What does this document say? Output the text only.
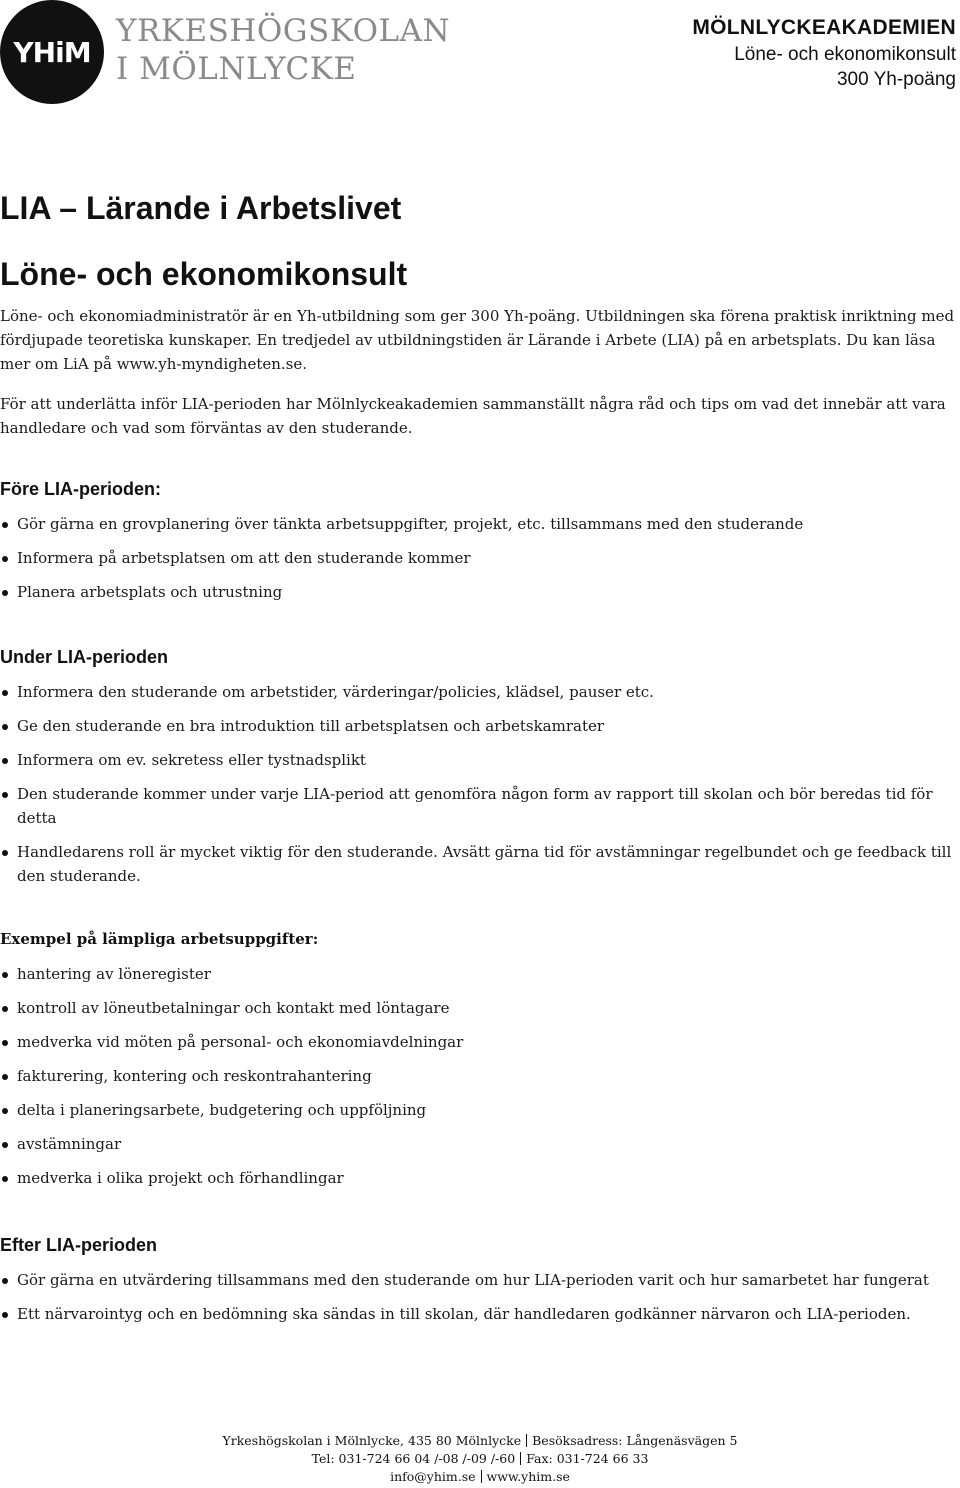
YHiM
YRKESHÖGSKOLAN
I MÖLNLYCKE
MÖLNLYCKEAKADEMIEN
Löne- och ekonomikonsult
300 Yh-poäng
LIA – Lärande i Arbetslivet
Löne- och ekonomikonsult

Löne- och ekonomiadministratör är en Yh-utbildning som ger 300 Yh-poäng. Utbildningen ska förena praktisk inriktning med fördjupade teoretiska kunskaper. En tredjedel av utbildningstiden är Lärande i Arbete (LIA) på en arbetsplats. Du kan läsa mer om LiA på www.yh-myndigheten.se.

För att underlätta inför LIA-perioden har Mölnlyckeakademien sammanställt några råd och tips om vad det innebär att vara handledare och vad som förväntas av den studerande.

Före LIA-perioden:
Gör gärna en grovplanering över tänkta arbetsuppgifter, projekt, etc. tillsammans med den studerande
Informera på arbetsplatsen om att den studerande kommer
Planera arbetsplats och utrustning
Under LIA-perioden
Informera den studerande om arbetstider, värderingar/policies, klädsel, pauser etc.
Ge den studerande en bra introduktion till arbetsplatsen och arbetskamrater
Informera om ev. sekretess eller tystnadsplikt
Den studerande kommer under varje LIA-period att genomföra någon form av rapport till skolan och bör beredas tid för detta
Handledarens roll är mycket viktig för den studerande. Avsätt gärna tid för avstämningar regelbundet och ge feedback till den studerande.
Exempel på lämpliga arbetsuppgifter:
hantering av löneregister
kontroll av löneutbetalningar och kontakt med löntagare
medverka vid möten på personal- och ekonomiavdelningar
fakturering, kontering och reskontrahantering
delta i planeringsarbete, budgetering och uppföljning
avstämningar
medverka i olika projekt och förhandlingar
Efter LIA-perioden
Gör gärna en utvärdering tillsammans med den studerande om hur LIA-perioden varit och hur samarbetet har fungerat
Ett närvarointyg och en bedömning ska sändas in till skolan, där handledaren godkänner närvaron och LIA-perioden.
Yrkeshögskolan i Mölnlycke, 435 80 Mölnlycke Besöksadress: Långenäsvägen 5
Tel: 031-724 66 04 /-08 /-09 /-60 Fax: 031-724 66 33
info@yhim.se www.yhim.se
